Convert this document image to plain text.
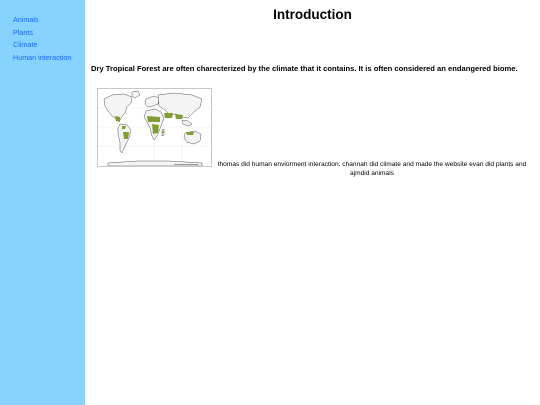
Animals
Plants
Climate
Human interaction
Introduction

Dry Tropical Forest are often charecterized by the climate that it contains. It is often considered an endangered biome.

thomas did human enviorment interaction. channah did climate and made the website evan did plants and ajmdid animals
